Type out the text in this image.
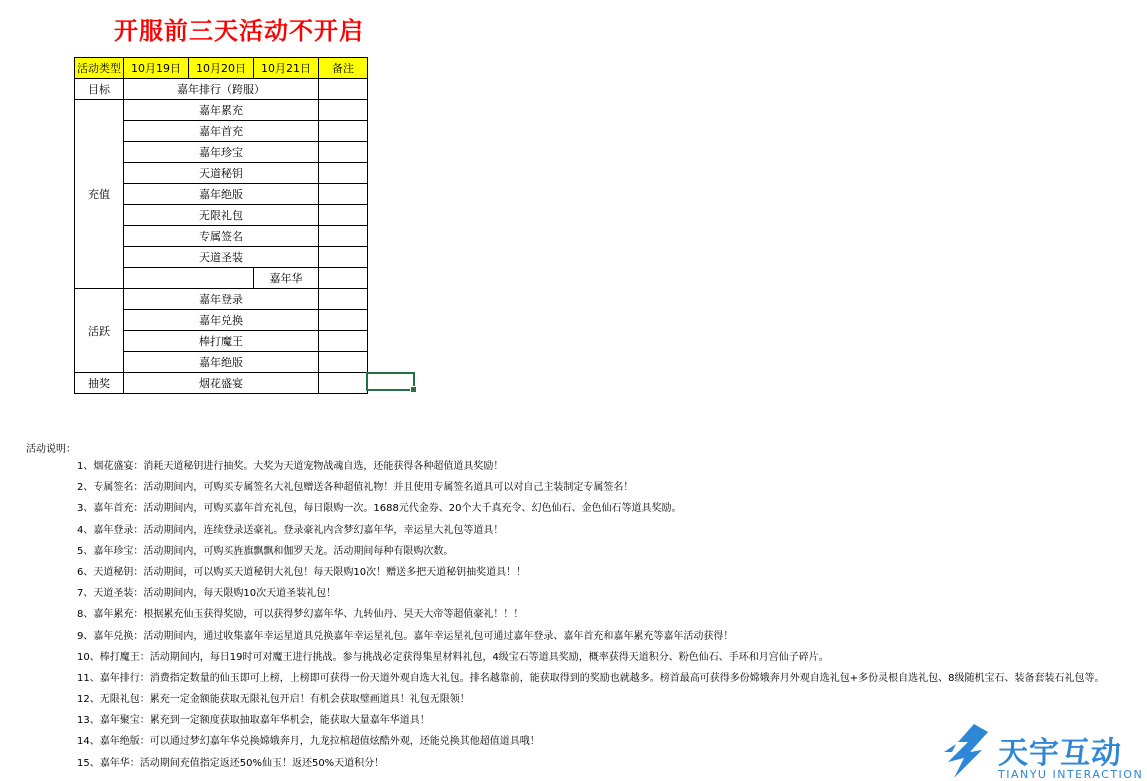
开服前三天活动不开启
活动类型	10月19日	10月20日	10月21日	备注
目标	嘉年排行（跨服）			
充值	嘉年累充			
	嘉年首充			
	嘉年珍宝			
	天道秘钥			
	嘉年绝版			
	无限礼包			
	专属签名			
	天道圣装			
			嘉年华	
活跃	嘉年登录			
	嘉年兑换			
	棒打魔王			
	嘉年绝版			
抽奖	烟花盛宴			
活动说明：
1、烟花盛宴：消耗天道秘钥进行抽奖。大奖为天道宠物战魂自选，还能获得各种超值道具奖励！
2、专属签名：活动期间内，可购买专属签名大礼包赠送各种超值礼物！并且使用专属签名道具可以对自己主装制定专属签名！
3、嘉年首充：活动期间内，可购买嘉年首充礼包，每日限购一次。1688元代金券、20个大千真充令、幻色仙石、金色仙石等道具奖励。
4、嘉年登录：活动期间内，连续登录送豪礼。登录豪礼内含梦幻嘉年华，幸运星大礼包等道具！
5、嘉年珍宝：活动期间内，可购买旌旗飘飘和伽罗天龙。活动期间每种有限购次数。
6、天道秘钥：活动期间，可以购买天道秘钥大礼包！每天限购10次！赠送多把天道秘钥抽奖道具！！
7、天道圣装：活动期间内，每天限购10次天道圣装礼包！
8、嘉年累充：根据累充仙玉获得奖励，可以获得梦幻嘉年华、九转仙丹、昊天大帝等超值豪礼！！！
9、嘉年兑换：活动期间内，通过收集嘉年幸运星道具兑换嘉年幸运星礼包。嘉年幸运星礼包可通过嘉年登录、嘉年首充和嘉年累充等嘉年活动获得！
10、棒打魔王：活动期间内，每日19时可对魔王进行挑战。参与挑战必定获得集星材料礼包，4级宝石等道具奖励，概率获得天道积分、粉色仙石、手环和月宫仙子碎片。
11、嘉年排行：消费指定数量的仙玉即可上榜，上榜即可获得一份天道外观自选大礼包。排名越靠前，能获取得到的奖励也就越多。榜首最高可获得多份嫦娥奔月外观自选礼包+多份灵根自选礼包、8级随机宝石、装备套装石礼包等。
12、无限礼包：累充一定金额能获取无限礼包开启！有机会获取璧画道具！礼包无限领！
13、嘉年聚宝：累充到一定额度获取抽取嘉年华机会，能获取大量嘉年华道具！
14、嘉年绝版：可以通过梦幻嘉年华兑换嫦娥奔月，九龙拉棺超值炫酷外观，还能兑换其他超值道具哦！
15、嘉年华：活动期间充值指定返还50%仙玉！返还50%天道积分！	天宇互动
TIANYU INTERACTION
